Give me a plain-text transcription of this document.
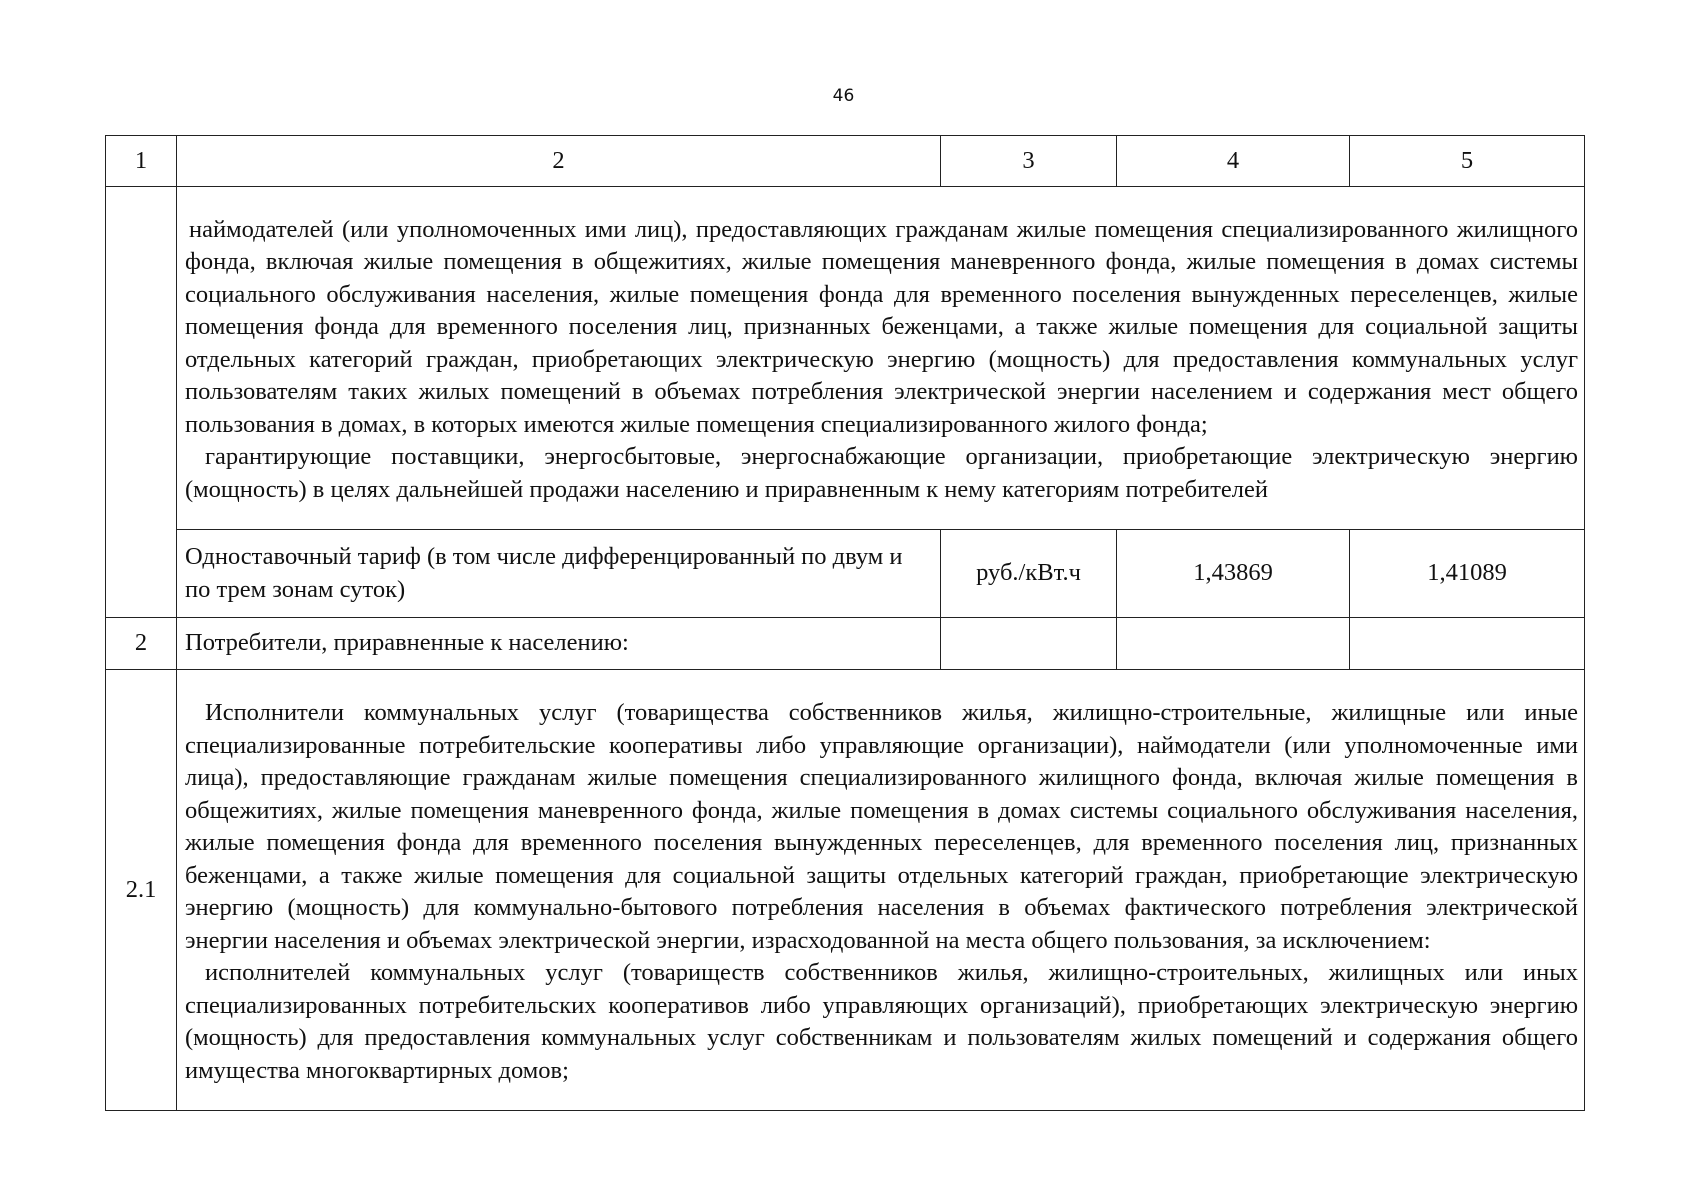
46
1	2	3	4	5

	наймодателей (или уполномоченных ими лиц), предоставляющих гражданам жилые помещения специализированного жилищного фонда, включая жилые помещения в общежитиях, жилые помещения маневренного фонда, жилые помещения в домах системы социального обслуживания населения, жилые помещения фонда для временного поселения вынужденных переселенцев, жилые помещения фонда для временного поселения лиц, признанных беженцами, а также жилые помещения для социальной защиты отдельных категорий граждан, приобретающих электрическую энергию (мощность) для предоставления коммунальных услуг пользователям таких жилых помещений в объемах потребления электрической энергии населением и содержания мест общего пользования в домах, в которых имеются жилые помещения специализированного жилого фонда;

гарантирующие поставщики, энергосбытовые, энергоснабжающие организации, приобретающие электрическую энергию (мощность) в целях дальнейшей продажи населению и приравненным к нему категориям потребителей			

	Одноставочный тариф (в том числе дифференцированный по двум и по трем зонам суток)	руб./кВт.ч	1,43869	1,41089
2	Потребители, приравненные к населению:			
2.1	Исполнители коммунальных услуг (товарищества собственников жилья, жилищно-строительные, жилищные или иные специализированные потребительские кооперативы либо управляющие организации), наймодатели (или уполномоченные ими лица), предоставляющие гражданам жилые помещения специализированного жилищного фонда, включая жилые помещения в общежитиях, жилые помещения маневренного фонда, жилые помещения в домах системы социального обслуживания населения, жилые помещения фонда для временного поселения вынужденных переселенцев, для временного поселения лиц, признанных беженцами, а также жилые помещения для социальной защиты отдельных категорий граждан, приобретающие электрическую энергию (мощность) для коммунально-бытового потребления населения в объемах фактического потребления электрической энергии населения и объемах электрической энергии, израсходованной на места общего пользования, за исключением:

исполнителей коммунальных услуг (товариществ собственников жилья, жилищно-строительных, жилищных или иных специализированных потребительских кооперативов либо управляющих организаций), приобретающих электрическую энергию (мощность) для предоставления коммунальных услуг собственникам и пользователям жилых помещений и содержания общего имущества многоквартирных домов;			
